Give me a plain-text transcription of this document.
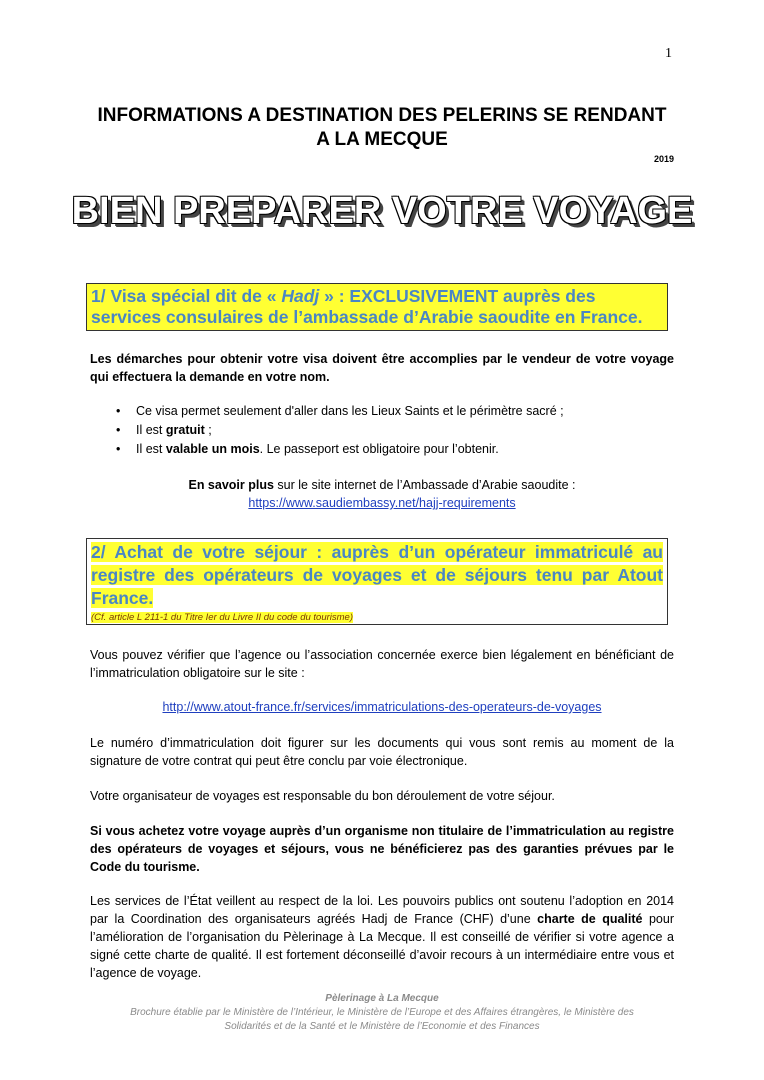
1
INFORMATIONS A DESTINATION DES PELERINS SE RENDANT
A LA MECQUE
2019
BIEN PREPARER VOTRE VOYAGE
1/ Visa spécial dit de « Hadj » : EXCLUSIVEMENT auprès des services consulaires de l’ambassade d’Arabie saoudite en France.
Les démarches pour obtenir votre visa doivent être accomplies par le vendeur de votre voyage qui effectuera la demande en votre nom.
• Ce visa permet seulement d'aller dans les Lieux Saints et le périmètre sacré ;
• Il est gratuit ;
• Il est valable un mois. Le passeport est obligatoire pour l’obtenir.
En savoir plus sur le site internet de l’Ambassade d’Arabie saoudite :
https://www.saudiembassy.net/hajj-requirements
2/ Achat de votre séjour : auprès d’un opérateur immatriculé au registre des opérateurs de voyages et de séjours tenu par Atout France.
(Cf. article L 211-1 du Titre Ier du Livre II du code du tourisme)
Vous pouvez vérifier que l’agence ou l’association concernée exerce bien légalement en bénéficiant de l’immatriculation obligatoire sur le site :
http://www.atout-france.fr/services/immatriculations-des-operateurs-de-voyages
Le numéro d’immatriculation doit figurer sur les documents qui vous sont remis au moment de la signature de votre contrat qui peut être conclu par voie électronique.
Votre organisateur de voyages est responsable du bon déroulement de votre séjour.
Si vous achetez votre voyage auprès d’un organisme non titulaire de l’immatriculation au registre des opérateurs de voyages et séjours, vous ne bénéficierez pas des garanties prévues par le Code du tourisme.
Les services de l’État veillent au respect de la loi. Les pouvoirs publics ont soutenu l’adoption en 2014 par la Coordination des organisateurs agréés Hadj de France (CHF) d’une charte de qualité pour l’amélioration de l’organisation du Pèlerinage à La Mecque. Il est conseillé de vérifier si votre agence a signé cette charte de qualité. Il est fortement déconseillé d’avoir recours à un intermédiaire entre vous et l’agence de voyage.
Pèlerinage à La Mecque
Brochure établie par le Ministère de l’Intérieur, le Ministère de l’Europe et des Affaires étrangères, le Ministère des
Solidarités et de la Santé et le Ministère de l’Economie et des Finances
